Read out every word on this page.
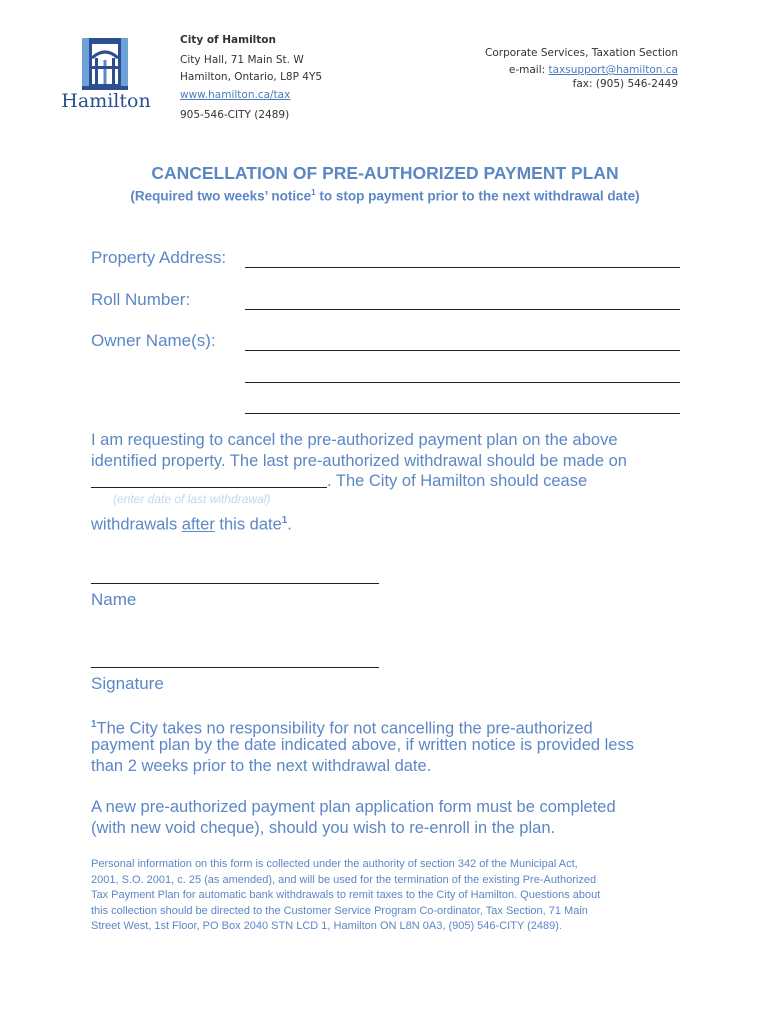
Hamilton
City of Hamilton
City Hall, 71 Main St. W
Hamilton, Ontario, L8P 4Y5
www.hamilton.ca/tax
905-546-CITY (2489)
Corporate Services, Taxation Section
e-mail: taxsupport@hamilton.ca
fax: (905) 546-2449
CANCELLATION OF PRE-AUTHORIZED PAYMENT PLAN
(Required two weeks’ notice$^1$ to stop payment prior to the next withdrawal date)
Property Address:
Roll Number:
Owner Name(s):
I am requesting to cancel the pre-authorized payment plan on the above
identified property. The last pre-authorized withdrawal should be made on
. The City of Hamilton should cease
(enter date of last withdrawal)
withdrawals after this date$^1$.
Name
Signature
$^1$The City takes no responsibility for not cancelling the pre-authorized
payment plan by the date indicated above, if written notice is provided less
than 2 weeks prior to the next withdrawal date.
A new pre-authorized payment plan application form must be completed
(with new void cheque), should you wish to re-enroll in the plan.
Personal information on this form is collected under the authority of section 342 of the Municipal Act,
2001, S.O. 2001, c. 25 (as amended), and will be used for the termination of the existing Pre-Authorized
Tax Payment Plan for automatic bank withdrawals to remit taxes to the City of Hamilton. Questions about
this collection should be directed to the Customer Service Program Co-ordinator, Tax Section, 71 Main
Street West, 1st Floor, PO Box 2040 STN LCD 1, Hamilton ON L8N 0A3, (905) 546-CITY (2489).
